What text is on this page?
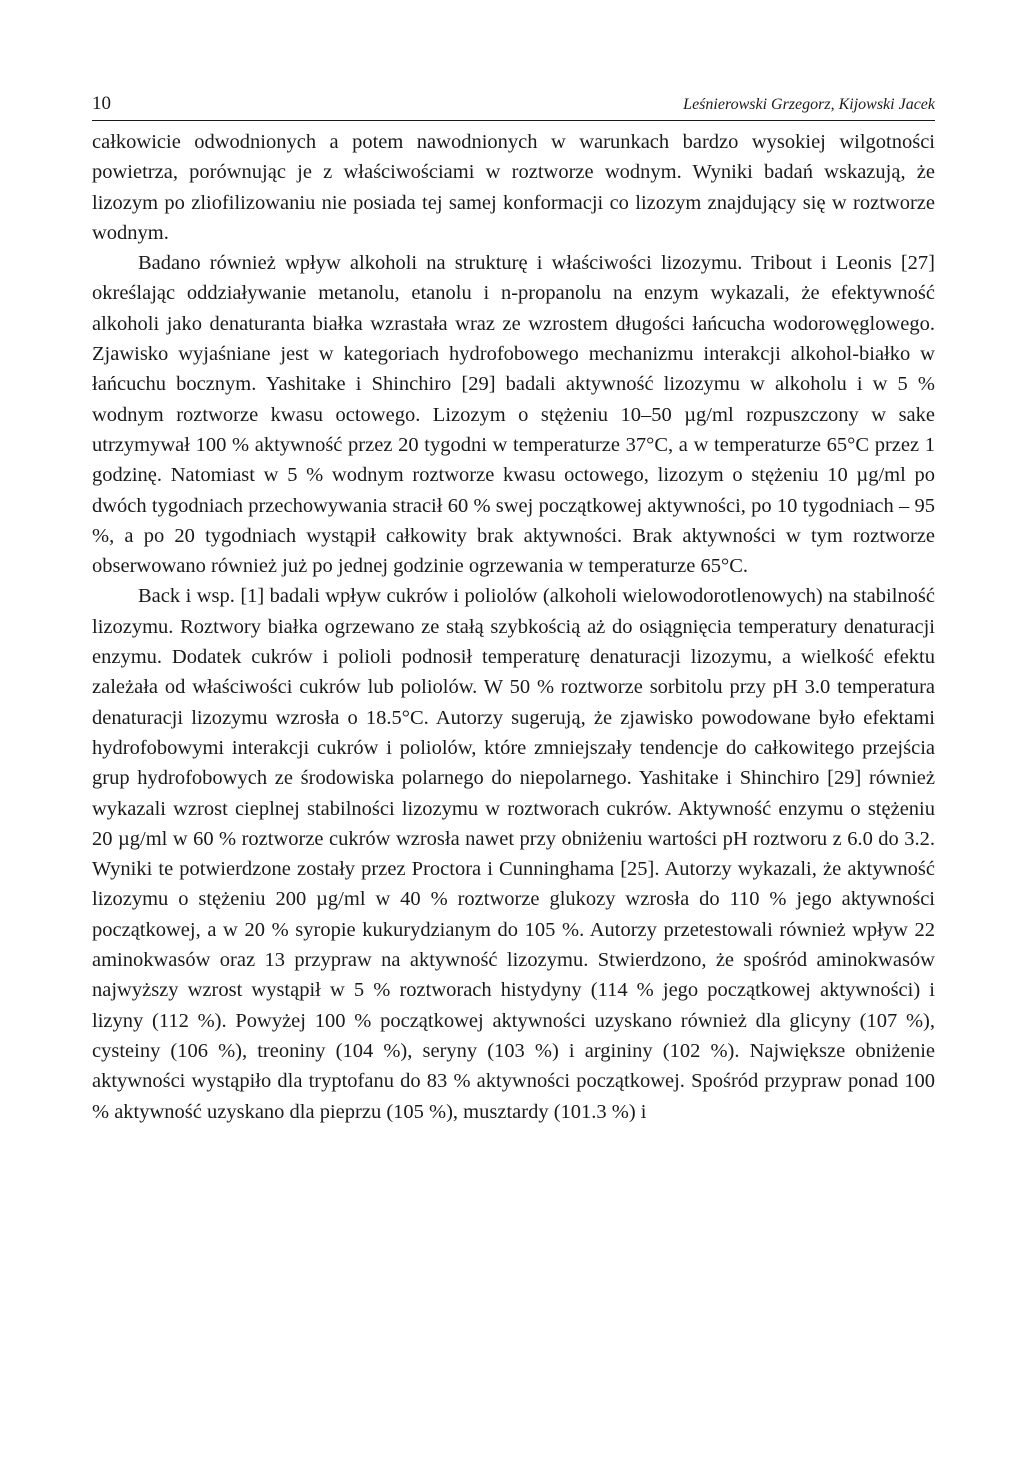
10	Leśnierowski Grzegorz, Kijowski Jacek

całkowicie odwodnionych a potem nawodnionych w warunkach bardzo wysokiej wilgotności powietrza, porównując je z właściwościami w roztworze wodnym. Wyniki badań wskazują, że lizozym po zliofilizowaniu nie posiada tej samej konformacji co lizozym znajdujący się w roztworze wodnym.

Badano również wpływ alkoholi na strukturę i właściwości lizozymu. Tribout i Leonis [27] określając oddziaływanie metanolu, etanolu i n-propanolu na enzym wykazali, że efektywność alkoholi jako denaturanta białka wzrastała wraz ze wzrostem długości łańcucha wodorowęglowego. Zjawisko wyjaśniane jest w kategoriach hydrofobowego mechanizmu interakcji alkohol-białko w łańcuchu bocznym. Yashitake i Shinchiro [29] badali aktywność lizozymu w alkoholu i w 5 % wodnym roztworze kwasu octowego. Lizozym o stężeniu 10–50 µg/ml rozpuszczony w sake utrzymywał 100 % aktywność przez 20 tygodni w temperaturze 37°C, a w temperaturze 65°C przez 1 godzinę. Natomiast w 5 % wodnym roztworze kwasu octowego, lizozym o stężeniu 10 µg/ml po dwóch tygodniach przechowywania stracił 60 % swej początkowej aktywności, po 10 tygodniach – 95 %, a po 20 tygodniach wystąpił całkowity brak aktywności. Brak aktywności w tym roztworze obserwowano również już po jednej godzinie ogrzewania w temperaturze 65°C.

Back i wsp. [1] badali wpływ cukrów i poliolów (alkoholi wielowodorotlenowych) na stabilność lizozymu. Roztwory białka ogrzewano ze stałą szybkością aż do osiągnięcia temperatury denaturacji enzymu. Dodatek cukrów i polioli podnosił temperaturę denaturacji lizozymu, a wielkość efektu zależała od właściwości cukrów lub poliolów. W 50 % roztworze sorbitolu przy pH 3.0 temperatura denaturacji lizozymu wzrosła o 18.5°C. Autorzy sugerują, że zjawisko powodowane było efektami hydrofobowymi interakcji cukrów i poliolów, które zmniejszały tendencje do całkowitego przejścia grup hydrofobowych ze środowiska polarnego do niepolarnego. Yashitake i Shinchiro [29] również wykazali wzrost cieplnej stabilności lizozymu w roztworach cukrów. Aktywność enzymu o stężeniu 20 µg/ml w 60 % roztworze cukrów wzrosła nawet przy obniżeniu wartości pH roztworu z 6.0 do 3.2. Wyniki te potwierdzone zostały przez Proctora i Cunninghama [25]. Autorzy wykazali, że aktywność lizozymu o stężeniu 200 µg/ml w 40 % roztworze glukozy wzrosła do 110 % jego aktywności początkowej, a w 20 % syropie kukurydzianym do 105 %. Autorzy przetestowali również wpływ 22 aminokwasów oraz 13 przypraw na aktywność lizozymu. Stwierdzono, że spośród aminokwasów najwyższy wzrost wystąpił w 5 % roztworach histydyny (114 % jego początkowej aktywności) i lizyny (112 %). Powyżej 100 % początkowej aktywności uzyskano również dla glicyny (107 %), cysteiny (106 %), treoniny (104 %), seryny (103 %) i argininy (102 %). Największe obniżenie aktywności wystąpiło dla tryptofanu do 83 % aktywności początkowej. Spośród przypraw ponad 100 % aktywność uzyskano dla pieprzu (105 %), musztardy (101.3 %) i
